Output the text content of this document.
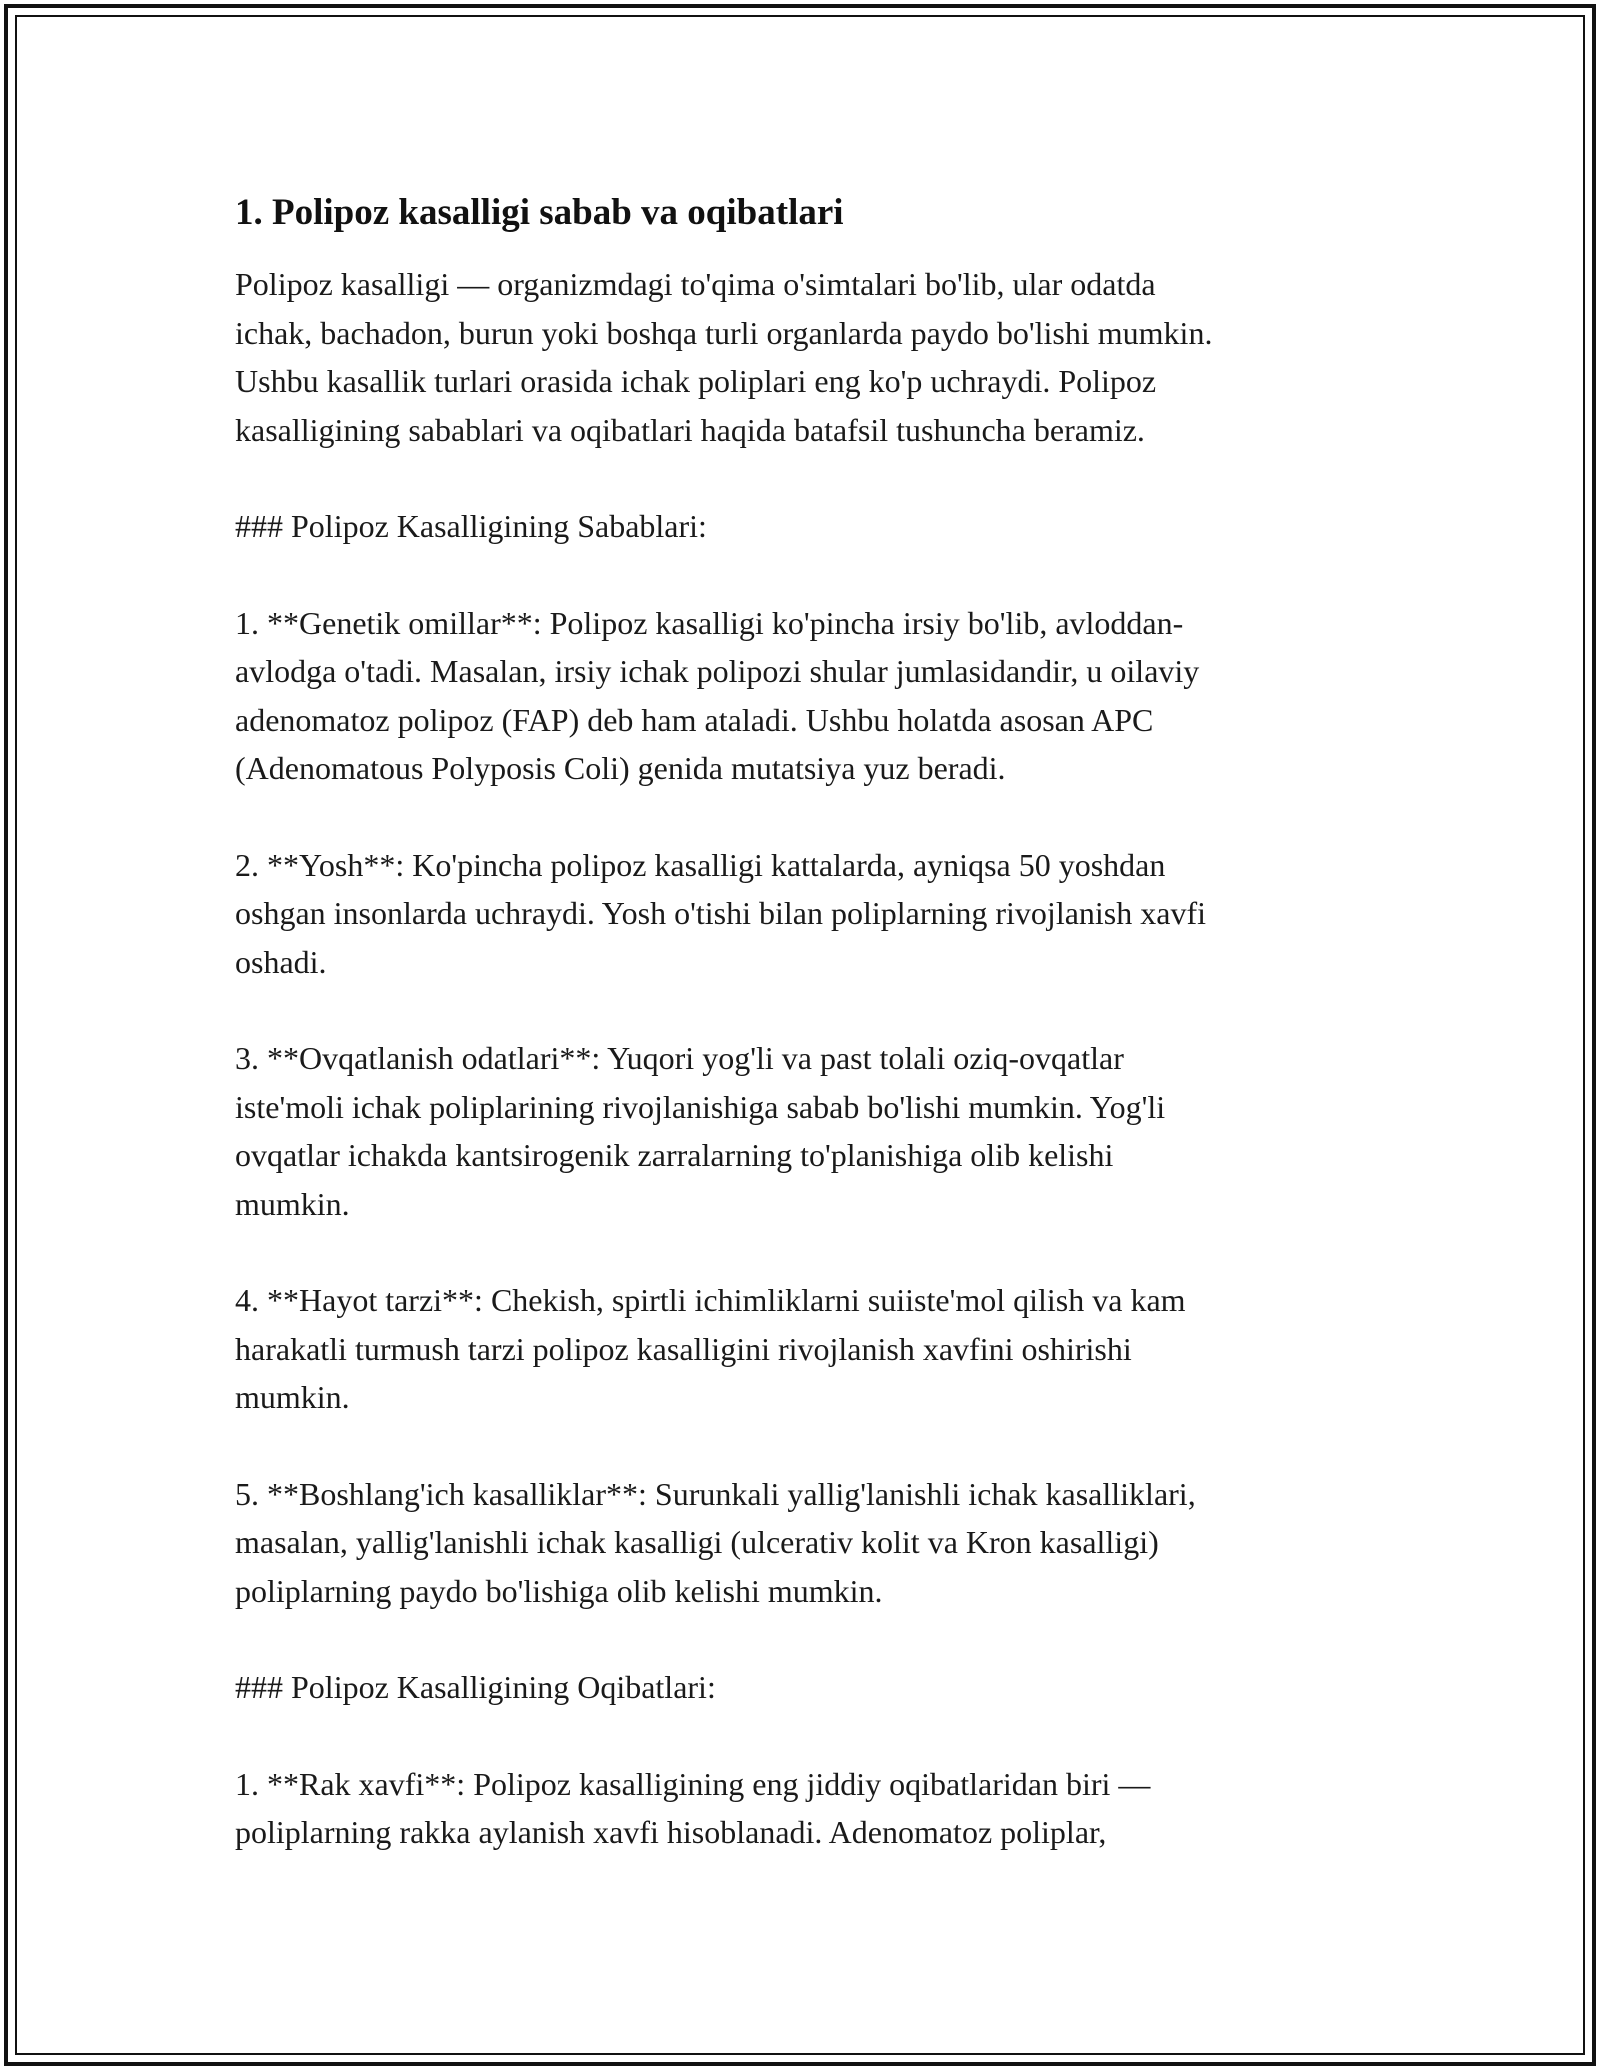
1. Polipoz kasalligi sabab va oqibatlari

Polipoz kasalligi — organizmdagi to'qima o'simtalari bo'lib, ular odatda
ichak, bachadon, burun yoki boshqa turli organlarda paydo bo'lishi mumkin.
Ushbu kasallik turlari orasida ichak poliplari eng ko'p uchraydi. Polipoz
kasalligining sabablari va oqibatlari haqida batafsil tushuncha beramiz.

### Polipoz Kasalligining Sabablari:

1. **Genetik omillar**: Polipoz kasalligi ko'pincha irsiy bo'lib, avloddan-
avlodga o'tadi. Masalan, irsiy ichak polipozi shular jumlasidandir, u oilaviy
adenomatoz polipoz (FAP) deb ham ataladi. Ushbu holatda asosan APC
(Adenomatous Polyposis Coli) genida mutatsiya yuz beradi.

2. **Yosh**: Ko'pincha polipoz kasalligi kattalarda, ayniqsa 50 yoshdan
oshgan insonlarda uchraydi. Yosh o'tishi bilan poliplarning rivojlanish xavfi
oshadi.

3. **Ovqatlanish odatlari**: Yuqori yog'li va past tolali oziq-ovqatlar
iste'moli ichak poliplarining rivojlanishiga sabab bo'lishi mumkin. Yog'li
ovqatlar ichakda kantsirogenik zarralarning to'planishiga olib kelishi
mumkin.

4. **Hayot tarzi**: Chekish, spirtli ichimliklarni suiiste'mol qilish va kam
harakatli turmush tarzi polipoz kasalligini rivojlanish xavfini oshirishi
mumkin.

5. **Boshlang'ich kasalliklar**: Surunkali yallig'lanishli ichak kasalliklari,
masalan, yallig'lanishli ichak kasalligi (ulcerativ kolit va Kron kasalligi)
poliplarning paydo bo'lishiga olib kelishi mumkin.

### Polipoz Kasalligining Oqibatlari:

1. **Rak xavfi**: Polipoz kasalligining eng jiddiy oqibatlaridan biri —
poliplarning rakka aylanish xavfi hisoblanadi. Adenomatoz poliplar,
